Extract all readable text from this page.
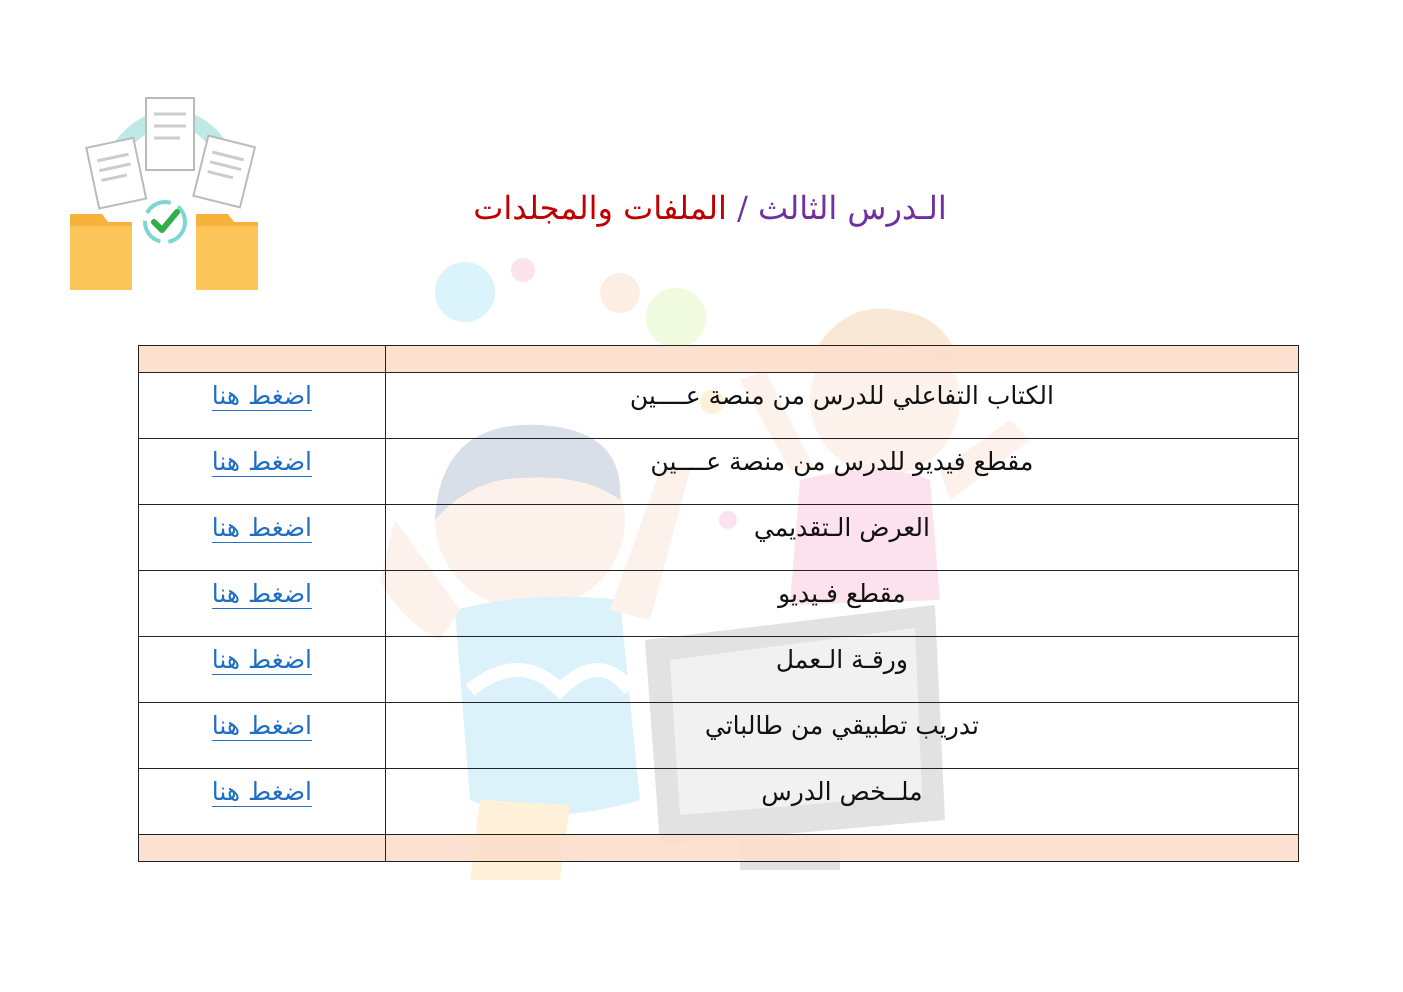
الـدرس الثالث / الملفات والمجلدات

اضغط هنا	الكتاب التفاعلي للدرس من منصة عــــين

اضغط هنا	مقطع فيديو للدرس من منصة عــــين

اضغط هنا	العرض الـتقديمي

اضغط هنا	مقطع فـيديو

اضغط هنا	ورقـة الـعمل

اضغط هنا	تدريب تطبيقي من طالباتي

اضغط هنا	ملــخص الدرس
